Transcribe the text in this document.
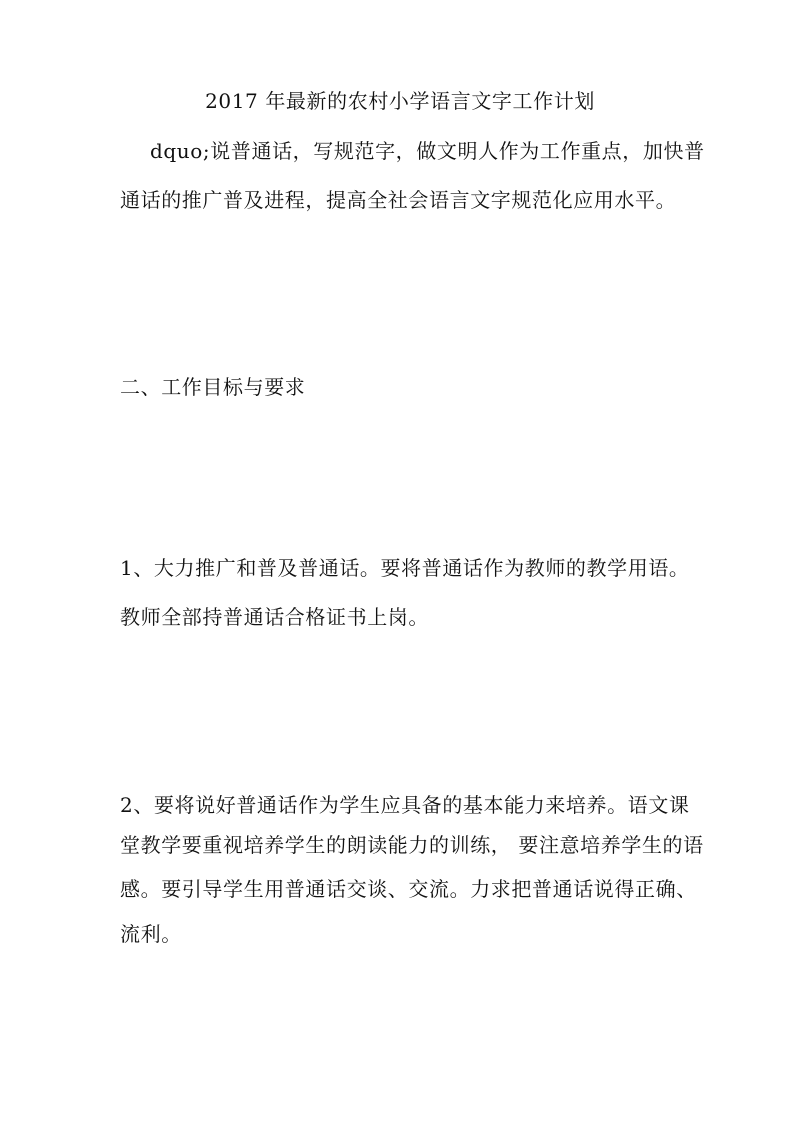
2017 年最新的农村小学语言文字工作计划
dquo;说普通话，写规范字，做文明人作为工作重点，加快普
通话的推广普及进程，提高全社会语言文字规范化应用水平。
二、工作目标与要求
1、大力推广和普及普通话。要将普通话作为教师的教学用语。
教师全部持普通话合格证书上岗。
2、要将说好普通话作为学生应具备的基本能力来培养。语文课
堂教学要重视培养学生的朗读能力的训练， 要注意培养学生的语
感。要引导学生用普通话交谈、交流。力求把普通话说得正确、
流利。
